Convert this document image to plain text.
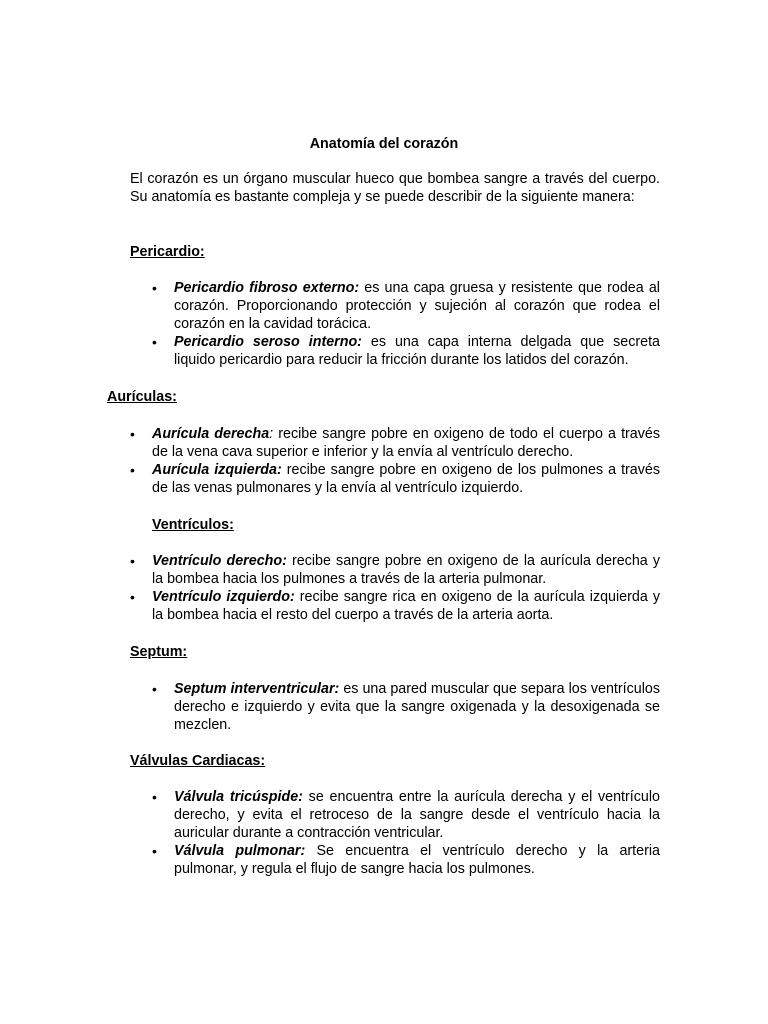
Anatomía del corazón

El corazón es un órgano muscular hueco que bombea sangre a través del cuerpo. Su anatomía es bastante compleja y se puede describir de la siguiente manera:

Pericardio:

•	Pericardio fibroso externo: es una capa gruesa y resistente que rodea al corazón. Proporcionando protección y sujeción al corazón que rodea el corazón en la cavidad torácica.
•	Pericardio seroso interno: es una capa interna delgada que secreta liquido pericardio para reducir la fricción durante los latidos del corazón.

Aurículas:

•	Aurícula derecha: recibe sangre pobre en oxigeno de todo el cuerpo a través de la vena cava superior e inferior y la envía al ventrículo derecho.
•	Aurícula izquierda: recibe sangre pobre en oxigeno de los pulmones a través de las venas pulmonares y la envía al ventrículo izquierdo.

Ventrículos:

•	Ventrículo derecho: recibe sangre pobre en oxigeno de la aurícula derecha y la bombea hacia los pulmones a través de la arteria pulmonar.
•	Ventrículo izquierdo: recibe sangre rica en oxigeno de la aurícula izquierda y la bombea hacia el resto del cuerpo a través de la arteria aorta.

Septum:

•	Septum interventricular: es una pared muscular que separa los ventrículos derecho e izquierdo y evita que la sangre oxigenada y la desoxigenada se mezclen.

Válvulas Cardiacas:

•	Válvula tricúspide: se encuentra entre la aurícula derecha y el ventrículo derecho, y evita el retroceso de la sangre desde el ventrículo hacia la auricular durante a contracción ventricular.
•	Válvula pulmonar: Se encuentra el ventrículo derecho y la arteria pulmonar, y regula el flujo de sangre hacia los pulmones.
